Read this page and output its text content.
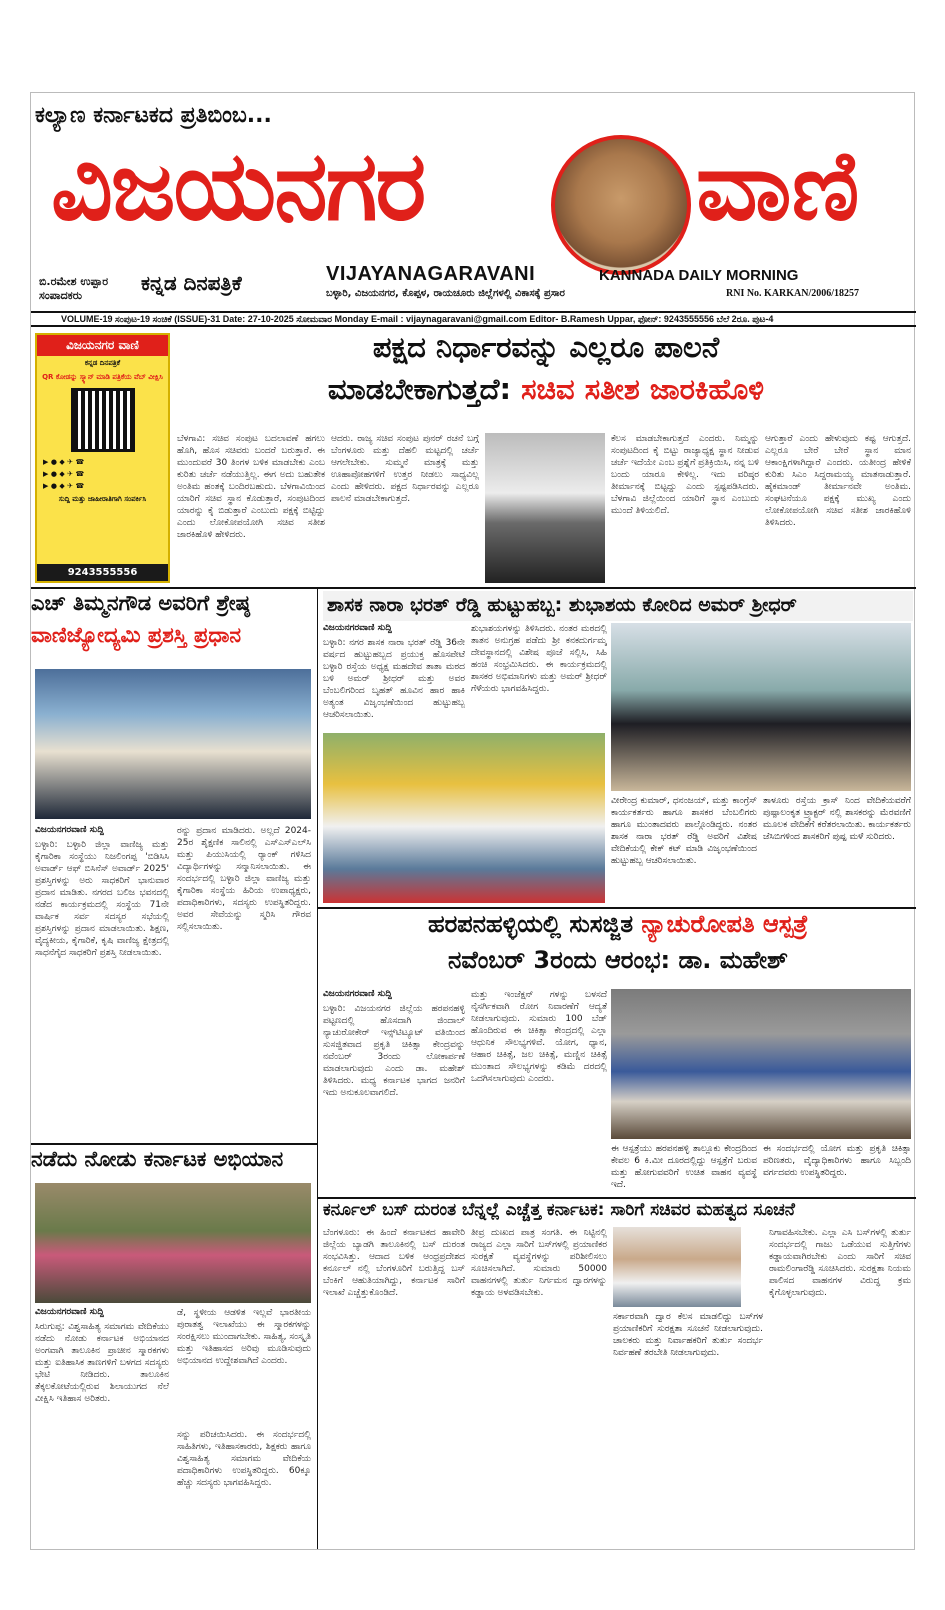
ಕಲ್ಯಾಣ ಕರ್ನಾಟಕದ ಪ್ರತಿಬಿಂಬ...
ವಿಜಯನಗರ	ವಾಣಿ
ಬಿ.ರಮೇಶ ಉಪ್ಪಾರ
ಸಂಪಾದಕರು
ಕನ್ನಡ ದಿನಪತ್ರಿಕೆ	VIJAYANAGARAVANI	KANNADA DAILY MORNING
ಬಳ್ಳಾರಿ, ವಿಜಯನಗರ, ಕೊಪ್ಪಳ, ರಾಯಚೂರು ಜಿಲ್ಲೆಗಳಲ್ಲಿ ವಿಕಾಸಕ್ಕೆ ಪ್ರಸಾರ	RNI No. KARKAN/2006/18257
VOLUME-19 ಸಂಪುಟ-19 ಸಂಚಿಕೆ (ISSUE)-31 Date: 27-10-2025 ಸೋಮವಾರ Monday E-mail : vijaynagaravani@gmail.com Editor- B.Ramesh Uppar, ಫೋನ್: 9243555556 ಬೆಲೆ 2ರೂ. ಪುಟ-4
ವಿಜಯನಗರ ವಾಣಿ
ಕನ್ನಡ ದಿನಪತ್ರಿಕೆ
QR ಕೋಡನ್ನು ಸ್ಕ್ಯಾನ್ ಮಾಡಿ ಪತ್ರಿಕೆಯ ವೆಬ್ ವೀಕ್ಷಿಸಿ
▶ ● ◆ ✈ ☎
▶ ● ◆ ✈ ☎
▶ ● ◆ ✈ ☎
ಸುದ್ದಿ ಮತ್ತು ಜಾಹೀರಾತಿಗಾಗಿ ಸಂಪರ್ಕಿಸಿ
9243555556
ಪಕ್ಷದ ನಿರ್ಧಾರವನ್ನು ಎಲ್ಲರೂ ಪಾಲನೆ
ಮಾಡಬೇಕಾಗುತ್ತದೆ: ಸಚಿವ ಸತೀಶ ಜಾರಕಿಹೊಳಿ
ಬೆಳಗಾವಿ: ಸಚಿವ ಸಂಪುಟ ಬದಲಾವಣೆ ಹಗಲು ಹೊಗಿ, ಹೊಸ ಸಚಿವರು ಬಂದರೆ ಬರುತ್ತಾರೆ. ಈ ಮುಂದುವರೆ 30 ತಿಂಗಳ ಬಳಿಕ ಮಾಡಬೇಕು ಎಂಬ ಕುರಿತು ಚರ್ಚೆ ನಡೆಯುತ್ತಿಲ್ಲ. ಈಗ ಅದು ಬಹುತೇಕ ಅಂತಿಮ ಹಂತಕ್ಕೆ ಬಂದಿರಬಹುದು. ಬೆಳಗಾವಿಯಿಂದ ಯಾರಿಗೆ ಸಚಿವ ಸ್ಥಾನ ಕೊಡುತ್ತಾರೆ, ಸಂಪುಟದಿಂದ ಯಾರನ್ನು ಕೈ ಬಿಡುತ್ತಾರೆ ಎಂಬುದು ಪಕ್ಷಕ್ಕೆ ಬಿಟ್ಟಿದ್ದು ಎಂದು ಲೋಕೋಪಯೋಗಿ ಸಚಿವ ಸತೀಶ ಜಾರಕಿಹೊಳಿ ಹೇಳಿದರು.
ಆದರು. ರಾಜ್ಯ ಸಚಿವ ಸಂಪುಟ ಪುನರ್ ರಚನೆ ಬಗ್ಗೆ ಬೆಂಗಳೂರು ಮತ್ತು ದೆಹಲಿ ಮಟ್ಟದಲ್ಲಿ ಚರ್ಚೆ ಆಗಲೇಬೇಕು. ಸುಮ್ಮನೆ ಮಾತ್ರಕ್ಕೆ ಮತ್ತು ಊಹಾಪೋಹಗಳಿಗೆ ಉತ್ತರ ನೀಡಲು ಸಾಧ್ಯವಿಲ್ಲ ಎಂದು ಹೇಳಿದರು. ಪಕ್ಷದ ನಿರ್ಧಾರವನ್ನು ಎಲ್ಲರೂ ಪಾಲನೆ ಮಾಡಬೇಕಾಗುತ್ತದೆ.
ಕೆಲಸ ಮಾಡಬೇಕಾಗುತ್ತದೆ ಎಂದರು. ನಿಮ್ಮನ್ನು ಸಂಪುಟದಿಂದ ಕೈ ಬಿಟ್ಟು ರಾಜ್ಯಾಧ್ಯಕ್ಷ ಸ್ಥಾನ ನೀಡುವ ಚರ್ಚೆ ಇದೆಯೇ ಎಂಬ ಪ್ರಶ್ನೆಗೆ ಪ್ರತಿಕ್ರಿಯಿಸಿ, ನನ್ನ ಬಳಿ ಬಂದು ಯಾರೂ ಕೇಳಿಲ್ಲ. ಇದು ವರಿಷ್ಠರ ತೀರ್ಮಾನಕ್ಕೆ ಬಿಟ್ಟದ್ದು ಎಂದು ಸ್ಪಷ್ಟಪಡಿಸಿದರು. ಬೆಳಗಾವಿ ಜಿಲ್ಲೆಯಿಂದ ಯಾರಿಗೆ ಸ್ಥಾನ ಎಂಬುದು ಮುಂದೆ ತಿಳಿಯಲಿದೆ.
ಆಗುತ್ತಾರೆ ಎಂದು ಹೇಳುವುದು ಕಷ್ಟ ಆಗುತ್ತದೆ. ಎಲ್ಲರೂ ಬೇರೆ ಬೇರೆ ಸ್ಥಾನ ಮಾನ ಆಕಾಂಕ್ಷಿಗಳಾಗಿದ್ದಾರೆ ಎಂದರು. ಯತೀಂದ್ರ ಹೇಳಿಕೆ ಕುರಿತು ಸಿಎಂ ಸಿದ್ದರಾಮಯ್ಯ ಮಾತನಾಡುತ್ತಾರೆ. ಹೈಕಮಾಂಡ್ ತೀರ್ಮಾನವೇ ಅಂತಿಮ. ಸಂಘಟನೆಯೂ ಪಕ್ಷಕ್ಕೆ ಮುಖ್ಯ ಎಂದು ಲೋಕೋಪಯೋಗಿ ಸಚಿವ ಸತೀಶ ಜಾರಕಿಹೊಳಿ ತಿಳಿಸಿದರು.
ಎಚ್ ತಿಮ್ಮನಗೌಡ ಅವರಿಗೆ ಶ್ರೇಷ್ಠ
ವಾಣಿಜ್ಯೋದ್ಯಮಿ ಪ್ರಶಸ್ತಿ ಪ್ರಧಾನ
ವಿಜಯನಗರವಾಣಿ ಸುದ್ದಿ
ಬಳ್ಳಾರಿ: ಬಳ್ಳಾರಿ ಜಿಲ್ಲಾ ವಾಣಿಜ್ಯ ಮತ್ತು ಕೈಗಾರಿಕಾ ಸಂಸ್ಥೆಯು ನಿಜಲಿಂಗಪ್ಪ 'ಬಿಡಿಸಿಸಿ ಅವಾರ್ಡ್ ಆಫ್ ಬಿಸಿನೆಸ್ ಅವಾರ್ಡ್ 2025' ಪ್ರಶಸ್ತಿಗಳನ್ನು ಅರು ಸಾಧಕರಿಗೆ ಭಾನುವಾರ ಪ್ರದಾನ ಮಾಡಿತು. ನಗರದ ಬಲಿಜ ಭವನದಲ್ಲಿ ನಡೆದ ಕಾರ್ಯಕ್ರಮದಲ್ಲಿ ಸಂಸ್ಥೆಯ 71ನೇ ವಾರ್ಷಿಕ ಸರ್ವ ಸದಸ್ಯರ ಸಭೆಯಲ್ಲಿ ಪ್ರಶಸ್ತಿಗಳನ್ನು ಪ್ರದಾನ ಮಾಡಲಾಯಿತು. ಶಿಕ್ಷಣ, ವೈದ್ಯಕೀಯ, ಕೈಗಾರಿಕೆ, ಕೃಷಿ ವಾಣಿಜ್ಯ ಕ್ಷೇತ್ರದಲ್ಲಿ ಸಾಧನೆಗೈದ ಸಾಧಕರಿಗೆ ಪ್ರಶಸ್ತಿ ನೀಡಲಾಯಿತು.
ರನ್ನು ಪ್ರದಾನ ಮಾಡಿದರು. ಅಲ್ಲದೆ 2024-25ರ ಶೈಕ್ಷಣಿಕ ಸಾಲಿನಲ್ಲಿ ಎಸ್‌ಎಸ್‌ಎಲ್‌ಸಿ ಮತ್ತು ಪಿಯುಸಿಯಲ್ಲಿ ರ್‍ಯಾಂಕ್ ಗಳಿಸಿದ ವಿದ್ಯಾರ್ಥಿಗಳನ್ನು ಸನ್ಮಾನಿಸಲಾಯಿತು. ಈ ಸಂದರ್ಭದಲ್ಲಿ ಬಳ್ಳಾರಿ ಜಿಲ್ಲಾ ವಾಣಿಜ್ಯ ಮತ್ತು ಕೈಗಾರಿಕಾ ಸಂಸ್ಥೆಯ ಹಿರಿಯ ಉಪಾಧ್ಯಕ್ಷರು, ಪದಾಧಿಕಾರಿಗಳು, ಸದಸ್ಯರು ಉಪಸ್ಥಿತರಿದ್ದರು. ಅವರ ಸೇವೆಯನ್ನು ಸ್ಮರಿಸಿ ಗೌರವ ಸಲ್ಲಿಸಲಾಯಿತು.
ಶಾಸಕ ನಾರಾ ಭರತ್ ರೆಡ್ಡಿ ಹುಟ್ಟುಹಬ್ಬ: ಶುಭಾಶಯ ಕೋರಿದ ಅಮರ್ ಶ್ರೀಧರ್
ವಿಜಯನಗರವಾಣಿ ಸುದ್ದಿ
ಬಳ್ಳಾರಿ: ನಗರ ಶಾಸಕ ನಾರಾ ಭರತ್ ರೆಡ್ಡಿ 36ನೇ ವರ್ಷದ ಹುಟ್ಟುಹಬ್ಬದ ಪ್ರಯುಕ್ತ ಹೊಸಪೇಟೆ ಬಳ್ಳಾರಿ ರಸ್ತೆಯ ಅಧ್ಯಕ್ಷ ಮಹದೇವ ತಾತಾ ಮಠದ ಬಳಿ ಅಮರ್ ಶ್ರೀಧರ್ ಮತ್ತು ಅವರ ಬೆಂಬಲಿಗರಿಂದ ಬೃಹತ್ ಹೂವಿನ ಹಾರ ಹಾಕಿ ಅತ್ಯಂತ ವಿಜೃಂಭಣೆಯಿಂದ ಹುಟ್ಟುಹಬ್ಬ ಆಚರಿಸಲಾಯಿತು.
ಶುಭಾಶಯಗಳನ್ನು ತಿಳಿಸಿದರು. ನಂತರ ಮಠದಲ್ಲಿ ತಾತನ ಅನುಗ್ರಹ ಪಡೆದು ಶ್ರೀ ಕನಕದುರ್ಗಮ್ಮ ದೇವಸ್ಥಾನದಲ್ಲಿ ವಿಶೇಷ ಪೂಜೆ ಸಲ್ಲಿಸಿ, ಸಿಹಿ ಹಂಚಿ ಸಂಭ್ರಮಿಸಿದರು. ಈ ಕಾರ್ಯಕ್ರಮದಲ್ಲಿ ಶಾಸಕರ ಅಭಿಮಾನಿಗಳು ಮತ್ತು ಅಮರ್ ಶ್ರೀಧರ್ ಗೆಳೆಯರು ಭಾಗವಹಿಸಿದ್ದರು.
ವೀರೇಂದ್ರ ಕುಮಾರ್, ಧನಂಜಯ್, ಮತ್ತು ಕಾಂಗ್ರೆಸ್ ಕಾರ್ಯಕರ್ತರು ಹಾಗೂ ಶಾಸಕರ ಬೆಂಬಲಿಗರು ಹಾಗೂ ಮುಂತಾದವರು ಪಾಲ್ಗೊಂಡಿದ್ದರು. ನಂತರ ಶಾಸಕ ನಾರಾ ಭರತ್ ರೆಡ್ಡಿ ಅವರಿಗೆ ವಿಶೇಷ ವೇದಿಕೆಯಲ್ಲಿ ಕೇಕ್ ಕಟ್ ಮಾಡಿ ವಿಜೃಂಭಣೆಯಿಂದ ಹುಟ್ಟುಹಬ್ಬ ಆಚರಿಸಲಾಯಿತು.
ತಾಳೂರು ರಸ್ತೆಯ ಕ್ರಾಸ್ ನಿಂದ ವೇದಿಕೆಯವರೆಗೆ ಪುಷ್ಪಾಲಂಕೃತ ಟ್ರ್ಯಾಕ್ಟರ್ ನಲ್ಲಿ ಶಾಸಕರನ್ನು ಮೆರವಣಿಗೆ ಮೂಲಕ ವೇದಿಕೆಗೆ ಕರೆತರಲಾಯಿತು. ಕಾರ್ಯಕರ್ತರು ಜೆಸಿಬಿಗಳಿಂದ ಶಾಸಕರಿಗೆ ಪುಷ್ಪ ಮಳೆ ಸುರಿದರು.
ಹರಪನಹಳ್ಳಿಯಲ್ಲಿ ಸುಸಜ್ಜಿತ ನ್ಯಾಚುರೋಪತಿ ಆಸ್ಪತ್ರೆ
ನವೆಂಬರ್ 3ರಂದು ಆರಂಭ: ಡಾ. ಮಹೇಶ್
ವಿಜಯನಗರವಾಣಿ ಸುದ್ದಿ
ಬಳ್ಳಾರಿ: ವಿಜಯನಗರ ಜಿಲ್ಲೆಯ ಹರಪನಹಳ್ಳಿ ಪಟ್ಟಣದಲ್ಲಿ ಹೊಸದಾಗಿ ಜಿಂದಾಲ್ ನ್ಯಾಚುರೋಕೇರ್ ಇನ್ಸ್‌ಟಿಟ್ಯೂಟ್ ವತಿಯಿಂದ ಸುಸಜ್ಜಿತವಾದ ಪ್ರಕೃತಿ ಚಿಕಿತ್ಸಾ ಕೇಂದ್ರವನ್ನು ನವೆಂಬರ್ 3ರಂದು ಲೋಕಾರ್ಪಣೆ ಮಾಡಲಾಗುವುದು ಎಂದು ಡಾ. ಮಹೇಶ್ ತಿಳಿಸಿದರು. ಮಧ್ಯ ಕರ್ನಾಟಕ ಭಾಗದ ಜನರಿಗೆ ಇದು ಅನುಕೂಲವಾಗಲಿದೆ.
ಮತ್ತು ಇಂಜೆಕ್ಷನ್ ಗಳನ್ನು ಬಳಸದೆ ನೈಸರ್ಗಿಕವಾಗಿ ರೋಗ ನಿವಾರಣೆಗೆ ಆದ್ಯತೆ ನೀಡಲಾಗುವುದು. ಸುಮಾರು 100 ಬೆಡ್ ಹೊಂದಿರುವ ಈ ಚಿಕಿತ್ಸಾ ಕೇಂದ್ರದಲ್ಲಿ ಎಲ್ಲಾ ಆಧುನಿಕ ಸೌಲಭ್ಯಗಳಿವೆ. ಯೋಗ, ಧ್ಯಾನ, ಆಹಾರ ಚಿಕಿತ್ಸೆ, ಜಲ ಚಿಕಿತ್ಸೆ, ಮಣ್ಣಿನ ಚಿಕಿತ್ಸೆ ಮುಂತಾದ ಸೌಲಭ್ಯಗಳನ್ನು ಕಡಿಮೆ ದರದಲ್ಲಿ ಒದಗಿಸಲಾಗುವುದು ಎಂದರು.
ಈ ಆಸ್ಪತ್ರೆಯು ಹರಪನಹಳ್ಳಿ ತಾಲ್ಲೂಕು ಕೇಂದ್ರದಿಂದ ಕೇವಲ 6 ಕಿ.ಮೀ ದೂರದಲ್ಲಿದ್ದು ಆಸ್ಪತ್ರೆಗೆ ಬರುವ ಮತ್ತು ಹೋಗುವವರಿಗೆ ಉಚಿತ ವಾಹನ ವ್ಯವಸ್ಥೆ ಇದೆ.
ಈ ಸಂದರ್ಭದಲ್ಲಿ ಯೋಗ ಮತ್ತು ಪ್ರಕೃತಿ ಚಿಕಿತ್ಸಾ ಪರಿಣತರು, ವೈದ್ಯಾಧಿಕಾರಿಗಳು ಹಾಗೂ ಸಿಬ್ಬಂದಿ ವರ್ಗದವರು ಉಪಸ್ಥಿತರಿದ್ದರು.
ನಡೆದು ನೋಡು ಕರ್ನಾಟಕ ಅಭಿಯಾನ
ವಿಜಯನಗರವಾಣಿ ಸುದ್ದಿ
ಸಿರುಗುಪ್ಪ: ವಿಶ್ವಸಾಹಿತ್ಯ ಸಮಾಗಮ ವೇದಿಕೆಯು ನಡೆದು ನೋಡು ಕರ್ನಾಟಕ ಅಭಿಯಾನದ ಅಂಗವಾಗಿ ತಾಲೂಕಿನ ಪ್ರಾಚೀನ ಸ್ಮಾರಕಗಳು ಮತ್ತು ಐತಿಹಾಸಿಕ ತಾಣಗಳಿಗೆ ಬಳಗದ ಸದಸ್ಯರು ಭೇಟಿ ನೀಡಿದರು. ತಾಲೂಕಿನ ತೆಕ್ಕಲಕೋಟೆಯಲ್ಲಿರುವ ಶಿಲಾಯುಗದ ನೆಲೆ ವೀಕ್ಷಿಸಿ ಇತಿಹಾಸ ಅರಿತರು.
ಡೆ, ಸ್ಥಳೀಯ ಆಡಳಿತ ಇಲ್ಲವೆ ಭಾರತೀಯ ಪುರಾತತ್ವ ಇಲಾಖೆಯು ಈ ಸ್ಮಾರಕಗಳನ್ನು ಸಂರಕ್ಷಿಸಲು ಮುಂದಾಗಬೇಕು. ಸಾಹಿತ್ಯ, ಸಂಸ್ಕೃತಿ ಮತ್ತು ಇತಿಹಾಸದ ಅರಿವು ಮೂಡಿಸುವುದು ಅಭಿಯಾನದ ಉದ್ದೇಶವಾಗಿದೆ ಎಂದರು.
ಸನ್ನು ಪರಿಚಯಿಸಿದರು. ಈ ಸಂದರ್ಭದಲ್ಲಿ ಸಾಹಿತಿಗಳು, ಇತಿಹಾಸಕಾರರು, ಶಿಕ್ಷಕರು ಹಾಗೂ ವಿಶ್ವಸಾಹಿತ್ಯ ಸಮಾಗಮ ವೇದಿಕೆಯ ಪದಾಧಿಕಾರಿಗಳು ಉಪಸ್ಥಿತರಿದ್ದರು. 60ಕ್ಕೂ ಹೆಚ್ಚು ಸದಸ್ಯರು ಭಾಗವಹಿಸಿದ್ದರು.
ಕರ್ನೂಲ್ ಬಸ್ ದುರಂತ ಬೆನ್ನಲ್ಲೆ ಎಚ್ಚೆತ್ತ ಕರ್ನಾಟಕ: ಸಾರಿಗೆ ಸಚಿವರ ಮಹತ್ವದ ಸೂಚನೆ
ಬೆಂಗಳೂರು: ಈ ಹಿಂದೆ ಕರ್ನಾಟಕದ ಹಾವೇರಿ ಜಿಲ್ಲೆಯ ಬ್ಯಾಡಗಿ ತಾಲೂಕಿನಲ್ಲಿ ಬಸ್ ದುರಂತ ಸಂಭವಿಸಿತ್ತು. ಆದಾದ ಬಳಿಕ ಆಂಧ್ರಪ್ರದೇಶದ ಕರ್ನೂಲ್ ನಲ್ಲಿ ಬೆಂಗಳೂರಿಗೆ ಬರುತ್ತಿದ್ದ ಬಸ್ ಬೆಂಕಿಗೆ ಆಹುತಿಯಾಗಿದ್ದು, ಕರ್ನಾಟಕ ಸಾರಿಗೆ ಇಲಾಖೆ ಎಚ್ಚೆತ್ತುಕೊಂಡಿದೆ.
ತೀವ್ರ ದುಃಖದ ಪಾತ್ರ ಸಂಗತಿ. ಈ ನಿಟ್ಟಿನಲ್ಲಿ ರಾಜ್ಯದ ಎಲ್ಲಾ ಸಾರಿಗೆ ಬಸ್‌ಗಳಲ್ಲಿ ಪ್ರಯಾಣಿಕರ ಸುರಕ್ಷತೆ ವ್ಯವಸ್ಥೆಗಳನ್ನು ಪರಿಶೀಲಿಸಲು ಸೂಚಿಸಲಾಗಿದೆ. ಸುಮಾರು 50000 ವಾಹನಗಳಲ್ಲಿ ತುರ್ತು ನಿರ್ಗಮನ ದ್ವಾರಗಳನ್ನು ಕಡ್ಡಾಯ ಅಳವಡಿಸಬೇಕು.
ಸರ್ಕಾರವಾಗಿ ದ್ವಾರ ಕೆಲಸ ಮಾಡಲಿದ್ದು ಬಸ್‌ಗಳ ಪ್ರಯಾಣಿಕರಿಗೆ ಸುರಕ್ಷತಾ ಸೂಚನೆ ನೀಡಲಾಗುವುದು. ಚಾಲಕರು ಮತ್ತು ನಿರ್ವಾಹಕರಿಗೆ ತುರ್ತು ಸಂದರ್ಭ ನಿರ್ವಹಣೆ ತರಬೇತಿ ನೀಡಲಾಗುವುದು.
ನಿಗಾವಹಿಸಬೇಕು. ಎಲ್ಲಾ ಎಸಿ ಬಸ್‌ಗಳಲ್ಲಿ ತುರ್ತು ಸಂದರ್ಭದಲ್ಲಿ ಗಾಜು ಒಡೆಯುವ ಸುತ್ತಿಗೆಗಳು ಕಡ್ಡಾಯವಾಗಿರಬೇಕು ಎಂದು ಸಾರಿಗೆ ಸಚಿವ ರಾಮಲಿಂಗಾರೆಡ್ಡಿ ಸೂಚಿಸಿದರು. ಸುರಕ್ಷತಾ ನಿಯಮ ಪಾಲಿಸದ ವಾಹನಗಳ ವಿರುದ್ಧ ಕ್ರಮ ಕೈಗೊಳ್ಳಲಾಗುವುದು.
